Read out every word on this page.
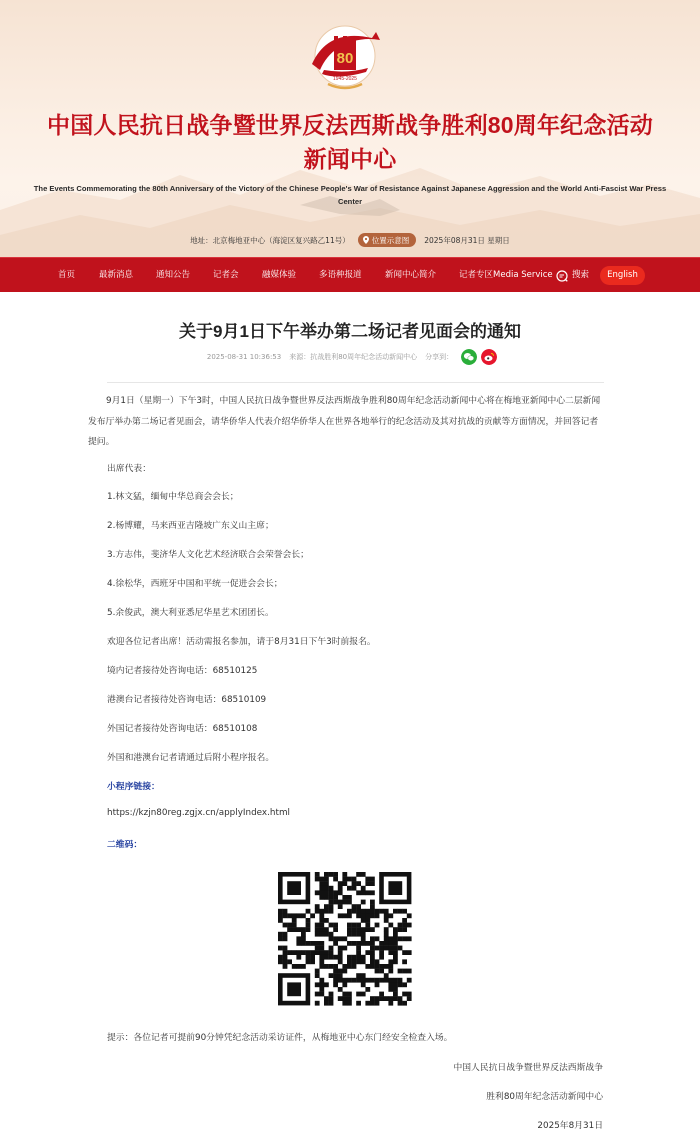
80
1945-2025
中国人民抗日战争暨世界反法西斯战争胜利80周年纪念活动
新闻中心
The Events Commemorating the 80th Anniversary of the Victory of the Chinese People's War of Resistance Against Japanese Aggression and the World Anti-Fascist War Press Center
地址：北京梅地亚中心（海淀区复兴路乙11号）	位置示意图 2025年08月31日 星期日
首页	最新消息	通知公告	记者会	融媒体验	多语种报道	新闻中心简介	记者专区Media Service 搜索	English
关于9月1日下午举办第二场记者见面会的通知
2025-08-31 10:36:53 来源：抗战胜利80周年纪念活动新闻中心 分享到：
9月1日（星期一）下午3时，中国人民抗日战争暨世界反法西斯战争胜利80周年纪念活动新闻中心将在梅地亚新闻中心二层新闻发布厅举办第二场记者见面会，请华侨华人代表介绍华侨华人在世界各地举行的纪念活动及其对抗战的贡献等方面情况，并回答记者提问。
出席代表：
1.林文猛，缅甸中华总商会会长；
2.杨博耀，马来西亚吉隆坡广东义山主席；
3.方志伟，斐济华人文化艺术经济联合会荣誉会长；
4.徐松华，西班牙中国和平统一促进会会长；
5.余俊武，澳大利亚悉尼华星艺术团团长。
欢迎各位记者出席！活动需报名参加，请于8月31日下午3时前报名。
境内记者接待处咨询电话：68510125
港澳台记者接待处咨询电话：68510109
外国记者接待处咨询电话：68510108
外国和港澳台记者请通过后附小程序报名。
小程序链接：
https://kzjn80reg.zgjx.cn/applyIndex.html
二维码：
提示：各位记者可提前90分钟凭纪念活动采访证件，从梅地亚中心东门经安全检查入场。
中国人民抗日战争暨世界反法西斯战争
胜利80周年纪念活动新闻中心
2025年8月31日
